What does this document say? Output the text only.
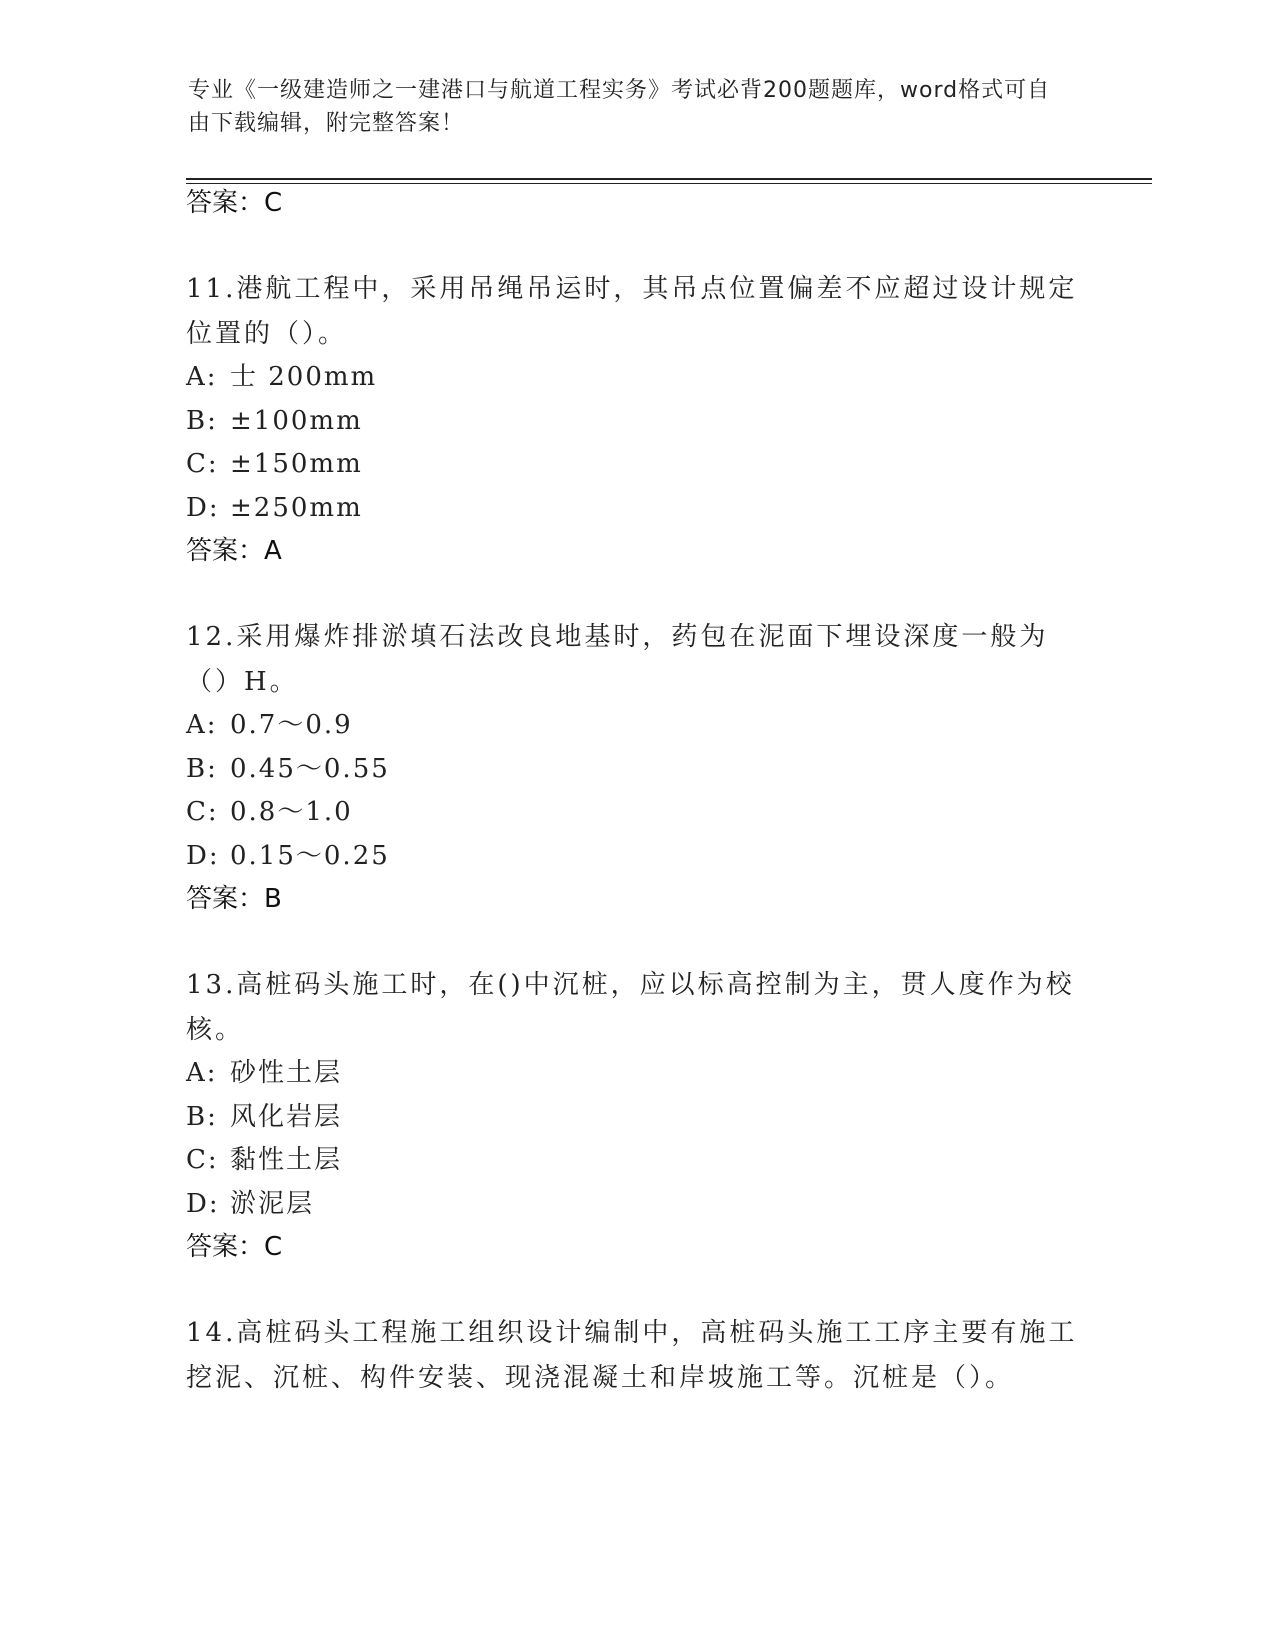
专业《一级建造师之一建港口与航道工程实务》考试必背200题题库，word格式可自由下载编辑，附完整答案！
答案：C
11.港航工程中，采用吊绳吊运时，其吊点位置偏差不应超过设计规定位置的（）。
A: 士 200mm
B: ±100mm
C: ±150mm
D: ±250mm
答案：A
12.采用爆炸排淤填石法改良地基时，药包在泥面下埋设深度一般为（）H。
A: 0.7～0.9
B: 0.45～0.55
C: 0.8～1.0
D: 0.15～0.25
答案：B
13.高桩码头施工时，在()中沉桩，应以标高控制为主，贯人度作为校核。
A: 砂性土层
B: 风化岩层
C: 黏性土层
D: 淤泥层
答案：C
14.高桩码头工程施工组织设计编制中，高桩码头施工工序主要有施工挖泥、沉桩、构件安装、现浇混凝土和岸坡施工等。沉桩是（）。
